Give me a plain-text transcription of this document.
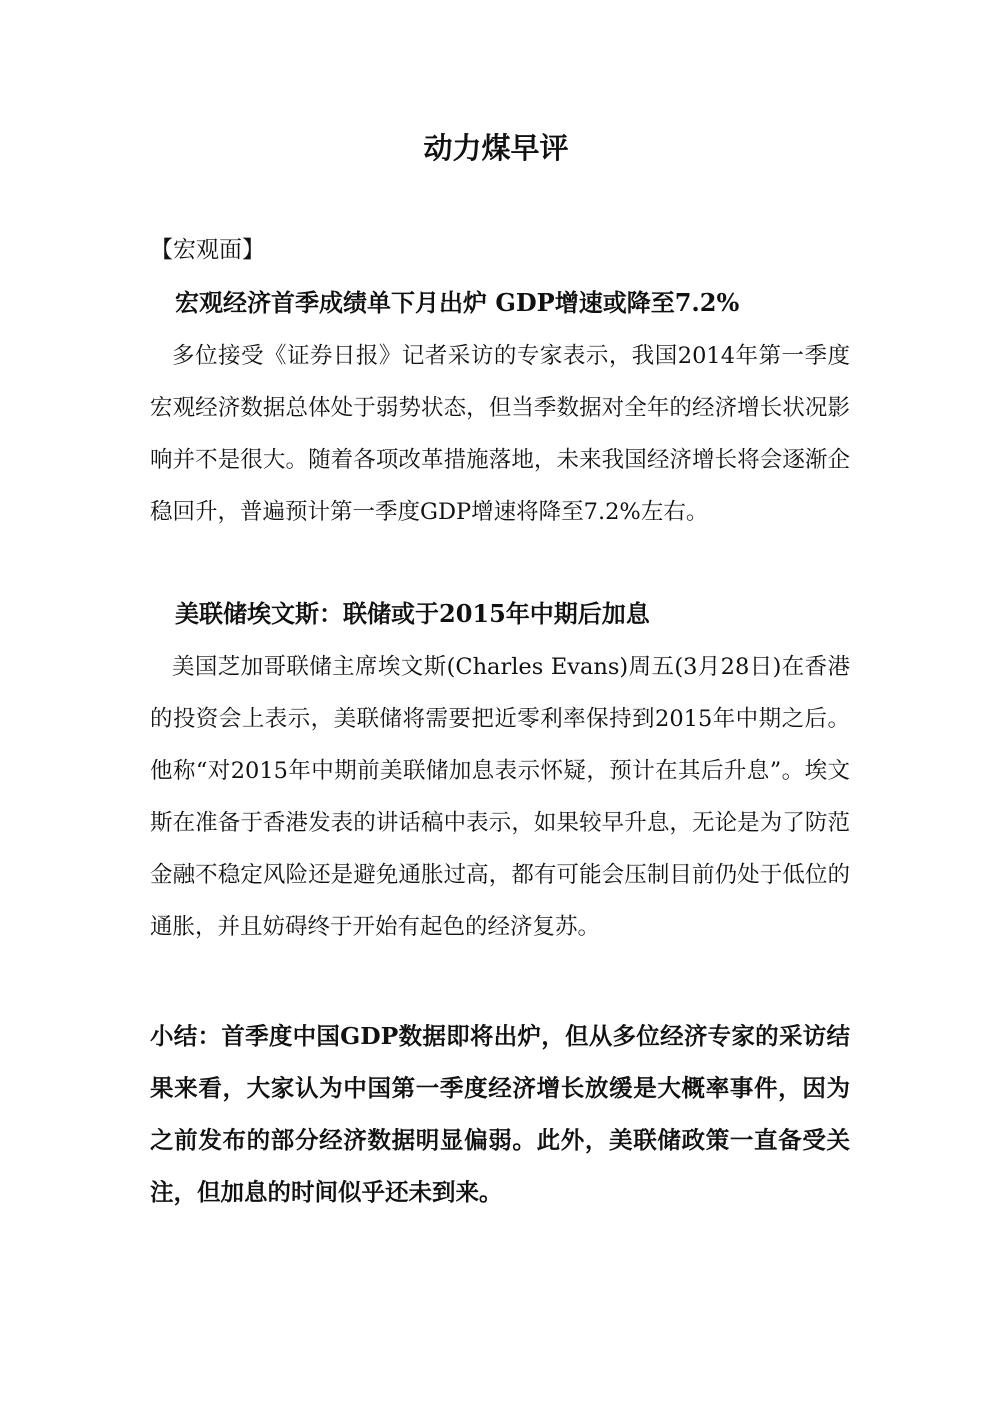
动力煤早评
【宏观面】
宏观经济首季成绩单下月出炉 GDP增速或降至7.2%

多位接受《证券日报》记者采访的专家表示，我国2014年第一季度宏观经济数据总体处于弱势状态，但当季数据对全年的经济增长状况影响并不是很大。随着各项改革措施落地，未来我国经济增长将会逐渐企稳回升，普遍预计第一季度GDP增速将降至7.2%左右。

美联储埃文斯：联储或于2015年中期后加息

美国芝加哥联储主席埃文斯(Charles Evans)周五(3月28日)在香港的投资会上表示，美联储将需要把近零利率保持到2015年中期之后。他称“对2015年中期前美联储加息表示怀疑，预计在其后升息”。埃文斯在准备于香港发表的讲话稿中表示，如果较早升息，无论是为了防范金融不稳定风险还是避免通胀过高，都有可能会压制目前仍处于低位的通胀，并且妨碍终于开始有起色的经济复苏。

小结：首季度中国GDP数据即将出炉，但从多位经济专家的采访结果来看，大家认为中国第一季度经济增长放缓是大概率事件，因为之前发布的部分经济数据明显偏弱。此外，美联储政策一直备受关注，但加息的时间似乎还未到来。
